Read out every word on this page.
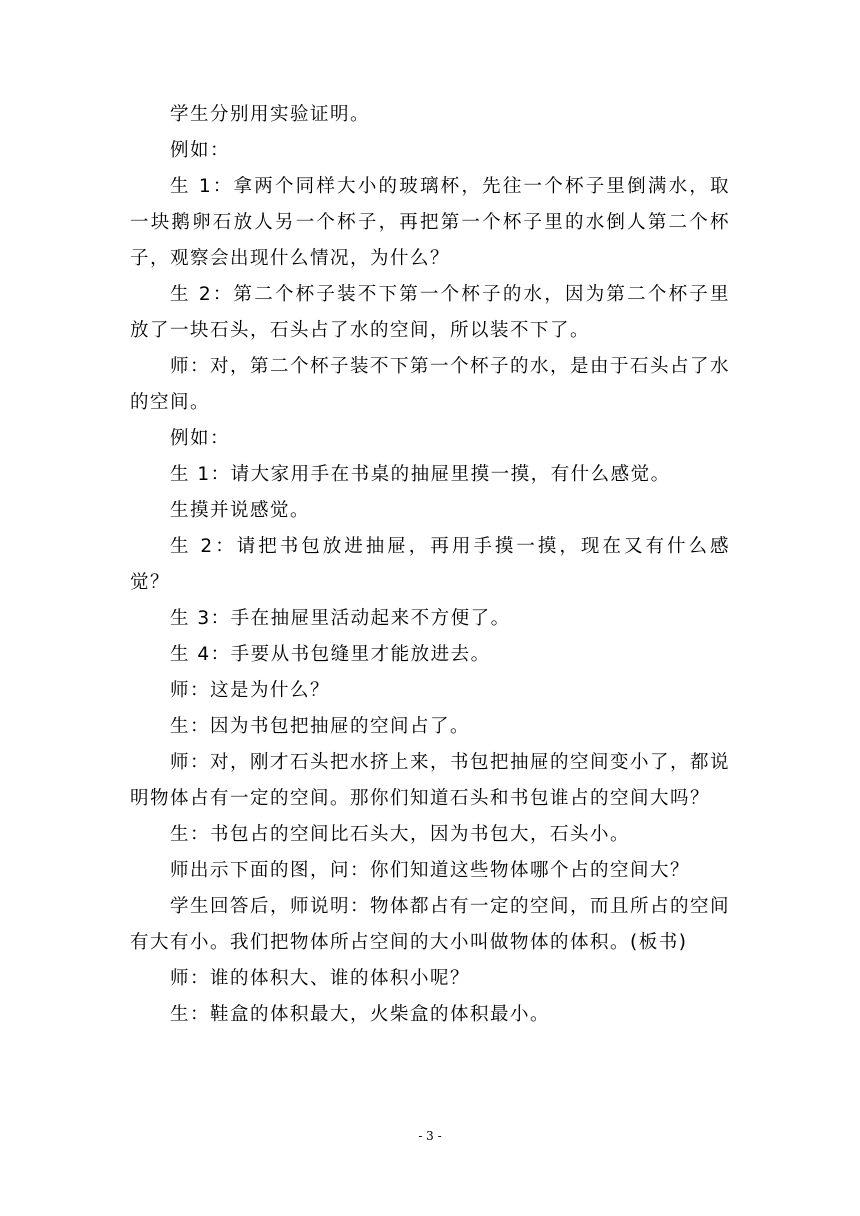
学生分别用实验证明。

例如：

生 1：拿两个同样大小的玻璃杯，先往一个杯子里倒满水，取一块鹅卵石放人另一个杯子，再把第一个杯子里的水倒人第二个杯子，观察会出现什么情况，为什么？

生 2：第二个杯子装不下第一个杯子的水，因为第二个杯子里放了一块石头，石头占了水的空间，所以装不下了。

师：对，第二个杯子装不下第一个杯子的水，是由于石头占了水的空间。

例如：

生 1：请大家用手在书桌的抽屉里摸一摸，有什么感觉。

生摸并说感觉。

生 2：请把书包放进抽屉，再用手摸一摸，现在又有什么感觉？

生 3：手在抽屉里活动起来不方便了。

生 4：手要从书包缝里才能放进去。

师：这是为什么？

生：因为书包把抽屉的空间占了。

师：对，刚才石头把水挤上来，书包把抽屉的空间变小了，都说明物体占有一定的空间。那你们知道石头和书包谁占的空间大吗？

生：书包占的空间比石头大，因为书包大，石头小。

师出示下面的图，问：你们知道这些物体哪个占的空间大？

学生回答后，师说明：物体都占有一定的空间，而且所占的空间有大有小。我们把物体所占空间的大小叫做物体的体积。(板书)

师：谁的体积大、谁的体积小呢？

生：鞋盒的体积最大，火柴盒的体积最小。

- 3 -
